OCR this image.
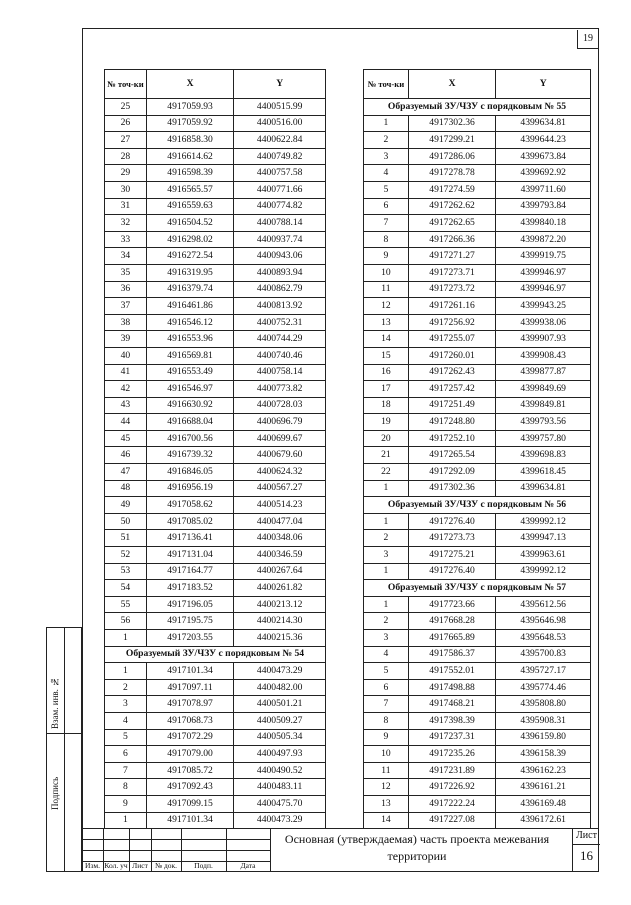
19
№ точ-ки	X	Y
25	4917059.93	4400515.99
26	4917059.92	4400516.00
27	4916858.30	4400622.84
28	4916614.62	4400749.82
29	4916598.39	4400757.58
30	4916565.57	4400771.66
31	4916559.63	4400774.82
32	4916504.52	4400788.14
33	4916298.02	4400937.74
34	4916272.54	4400943.06
35	4916319.95	4400893.94
36	4916379.74	4400862.79
37	4916461.86	4400813.92
38	4916546.12	4400752.31
39	4916553.96	4400744.29
40	4916569.81	4400740.46
41	4916553.49	4400758.14
42	4916546.97	4400773.82
43	4916630.92	4400728.03
44	4916688.04	4400696.79
45	4916700.56	4400699.67
46	4916739.32	4400679.60
47	4916846.05	4400624.32
48	4916956.19	4400567.27
49	4917058.62	4400514.23
50	4917085.02	4400477.04
51	4917136.41	4400348.06
52	4917131.04	4400346.59
53	4917164.77	4400267.64
54	4917183.52	4400261.82
55	4917196.05	4400213.12
56	4917195.75	4400214.30
1	4917203.55	4400215.36
Образуемый ЗУ/ЧЗУ с порядковым № 54		
1	4917101.34	4400473.29
2	4917097.11	4400482.00
3	4917078.97	4400501.21
4	4917068.73	4400509.27
5	4917072.29	4400505.34
6	4917079.00	4400497.93
7	4917085.72	4400490.52
8	4917092.43	4400483.11
9	4917099.15	4400475.70
1	4917101.34	4400473.29
№ точ-ки	X	Y
Образуемый ЗУ/ЧЗУ с порядковым № 55		
1	4917302.36	4399634.81
2	4917299.21	4399644.23
3	4917286.06	4399673.84
4	4917278.78	4399692.92
5	4917274.59	4399711.60
6	4917262.62	4399793.84
7	4917262.65	4399840.18
8	4917266.36	4399872.20
9	4917271.27	4399919.75
10	4917273.71	4399946.97
11	4917273.72	4399946.97
12	4917261.16	4399943.25
13	4917256.92	4399938.06
14	4917255.07	4399907.93
15	4917260.01	4399908.43
16	4917262.43	4399877.87
17	4917257.42	4399849.69
18	4917251.49	4399849.81
19	4917248.80	4399793.56
20	4917252.10	4399757.80
21	4917265.54	4399698.83
22	4917292.09	4399618.45
1	4917302.36	4399634.81
Образуемый ЗУ/ЧЗУ с порядковым № 56		
1	4917276.40	4399992.12
2	4917273.73	4399947.13
3	4917275.21	4399963.61
1	4917276.40	4399992.12
Образуемый ЗУ/ЧЗУ с порядковым № 57		
1	4917723.66	4395612.56
2	4917668.28	4395646.98
3	4917665.89	4395648.53
4	4917586.37	4395700.83
5	4917552.01	4395727.17
6	4917498.88	4395774.46
7	4917468.21	4395808.80
8	4917398.39	4395908.31
9	4917237.31	4396159.80
10	4917235.26	4396158.39
11	4917231.89	4396162.23
12	4917226.92	4396161.21
13	4917222.24	4396169.48
14	4917227.08	4396172.61
Взам. инв. №
Подпись
Изм. Кол. уч Лист № док.	Подп.	Дата
Основная (утверждаемая) часть проекта межевания территории
Лист
16
